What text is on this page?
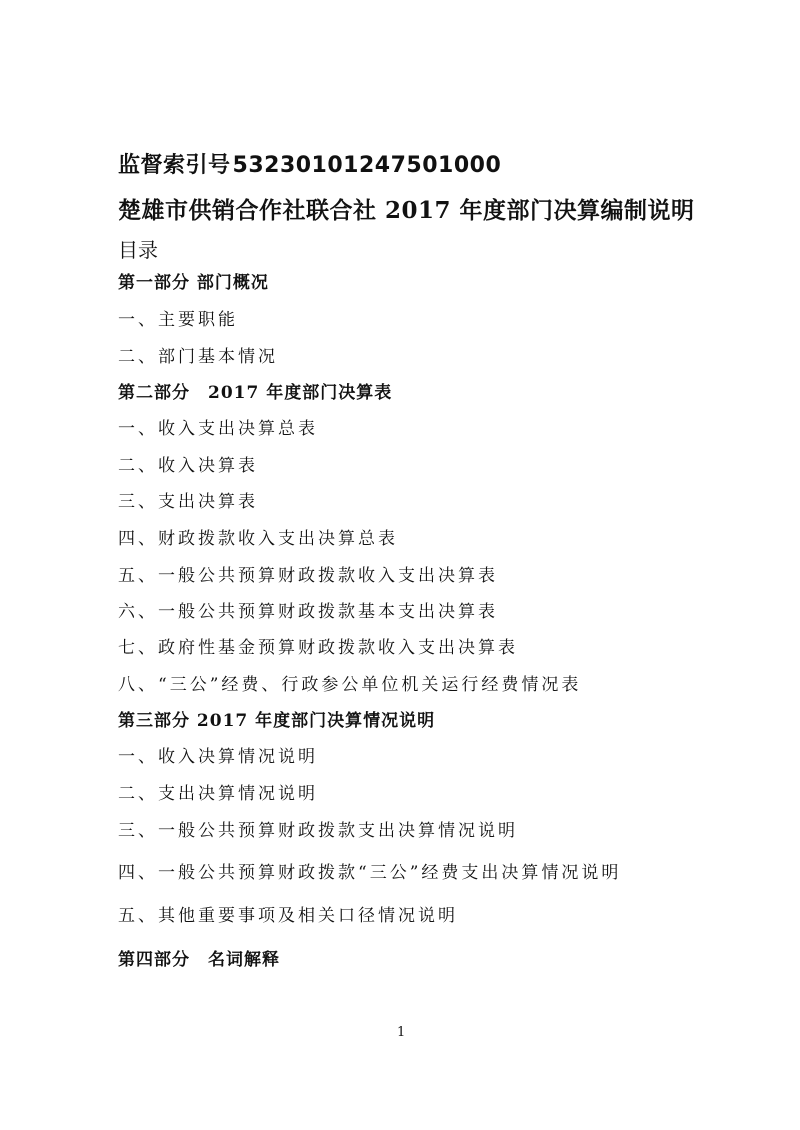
监督索引号53230101247501000
楚雄市供销合作社联合社 2017 年度部门决算编制说明
目录
第一部分 部门概况
一、主要职能
二、部门基本情况
第二部分　2017 年度部门决算表
一、收入支出决算总表
二、收入决算表
三、支出决算表
四、财政拨款收入支出决算总表
五、一般公共预算财政拨款收入支出决算表
六、一般公共预算财政拨款基本支出决算表
七、政府性基金预算财政拨款收入支出决算表
八、“三公”经费、行政参公单位机关运行经费情况表
第三部分 2017 年度部门决算情况说明
一、收入决算情况说明
二、支出决算情况说明
三、一般公共预算财政拨款支出决算情况说明
四、一般公共预算财政拨款“三公”经费支出决算情况说明
五、其他重要事项及相关口径情况说明
第四部分　名词解释
1
